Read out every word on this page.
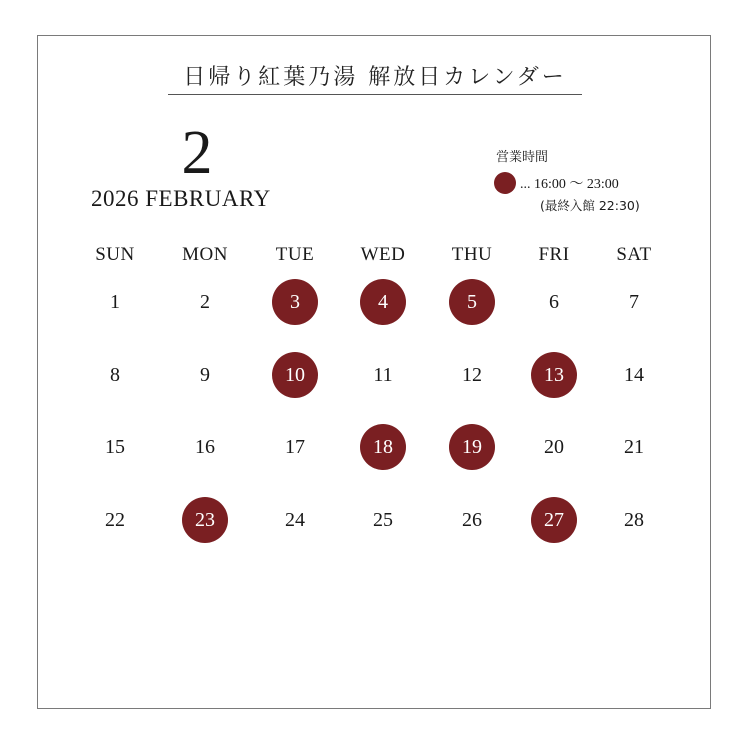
日帰り紅葉乃湯 解放日カレンダー
2
2026 FEBRUARY
営業時間
... 16:00 ～ 23:00
(最終入館 22:30)
SUN	MON	TUE	WED	THU	FRI	SAT
1	2	3	4	5	6	7
8	9	10	11	12	13	14
15	16	17	18	19	20	21
22	23	24	25	26	27	28
